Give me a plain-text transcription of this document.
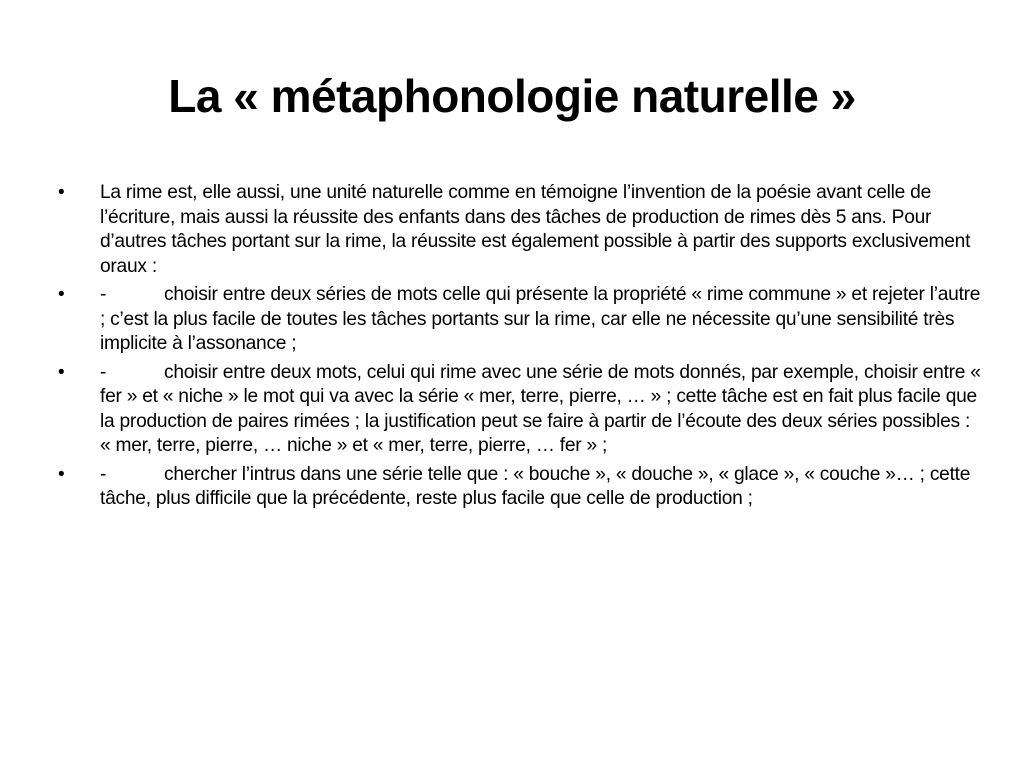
La « métaphonologie naturelle »
• La rime est, elle aussi, une unité naturelle comme en témoigne l’invention de la poésie avant celle de l’écriture, mais aussi la réussite des enfants dans des tâches de production de rimes dès 5 ans. Pour d’autres tâches portant sur la rime, la réussite est également possible à partir des supports exclusivement oraux :
• -	choisir entre deux séries de mots celle qui présente la propriété « rime commune » et rejeter l’autre ; c’est la plus facile de toutes les tâches portants sur la rime, car elle ne nécessite qu’une sensibilité très implicite à l’assonance ;
• -	choisir entre deux mots, celui qui rime avec une série de mots donnés, par exemple, choisir entre « fer » et « niche » le mot qui va avec la série « mer, terre, pierre, … » ; cette tâche est en fait plus facile que la production de paires rimées ; la justification peut se faire à partir de l’écoute des deux séries possibles : « mer, terre, pierre, … niche » et « mer, terre, pierre, … fer » ;
• -	chercher l’intrus dans une série telle que : « bouche », « douche », « glace », « couche »… ; cette tâche, plus difficile que la précédente, reste plus facile que celle de production ;
